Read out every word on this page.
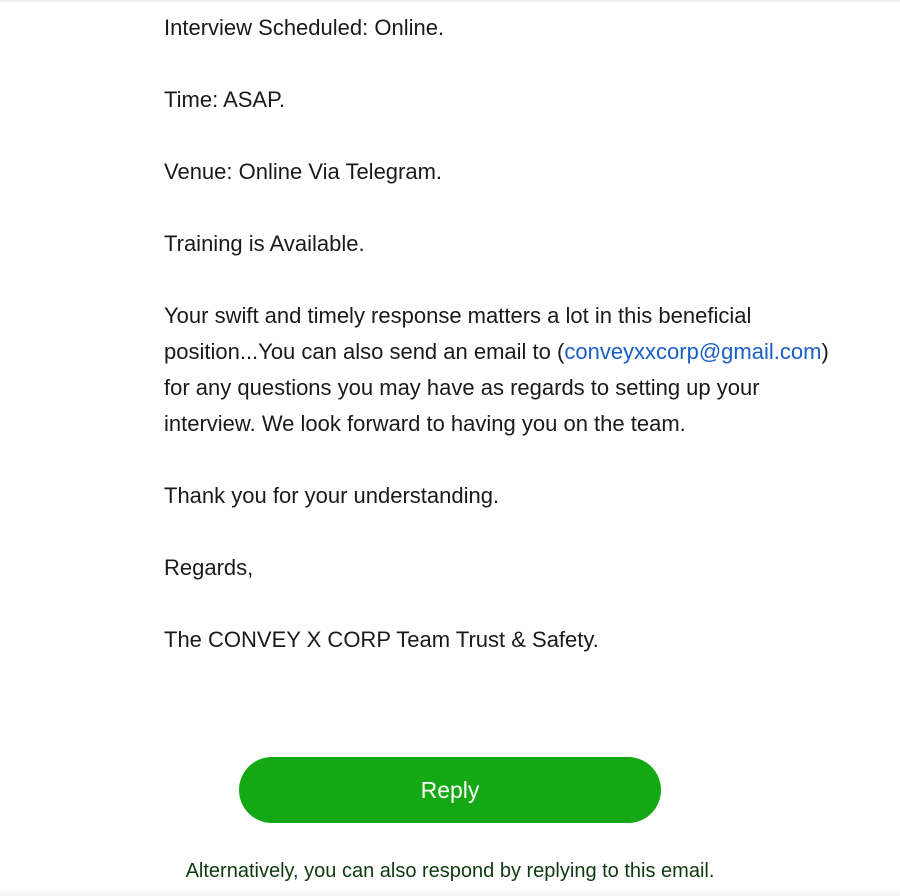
Interview Scheduled: Online.

Time: ASAP.

Venue: Online Via Telegram.

Training is Available.

Your swift and timely response matters a lot in this beneficial position...You can also send an email to (conveyxxcorp@gmail.com) for any questions you may have as regards to setting up your interview. We look forward to having you on the team.

Thank you for your understanding.

Regards,

The CONVEY X CORP Team Trust & Safety.

Reply
Alternatively, you can also respond by replying to this email.
